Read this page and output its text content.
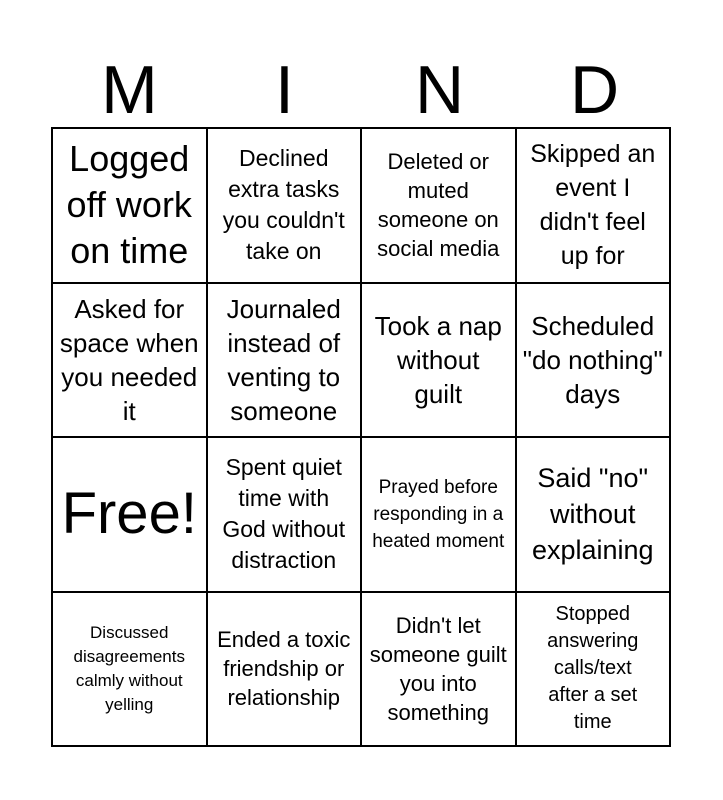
M	I	N	D
Logged off work on time
Declined extra tasks you couldn't take on
Deleted or muted someone on social media
Skipped an event I didn't feel up for
Asked for space when you needed it
Journaled instead of venting to someone
Took a nap without guilt
Scheduled "do nothing" days
Free!
Spent quiet time with God without distraction
Prayed before responding in a heated moment
Said "no" without explaining
Discussed disagreements calmly without yelling
Ended a toxic friendship or relationship
Didn't let someone guilt you into something
Stopped answering calls/text after a set time
